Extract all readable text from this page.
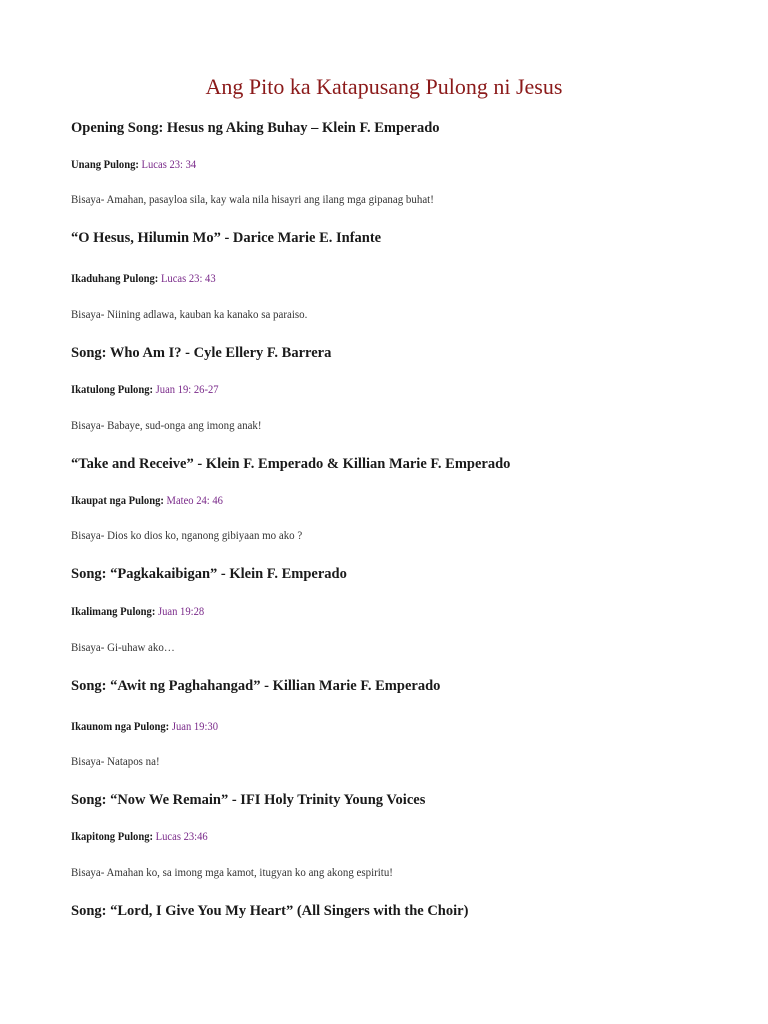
Ang Pito ka Katapusang Pulong ni Jesus

Opening Song: Hesus ng Aking Buhay – Klein F. Emperado

Unang Pulong: Lucas 23: 34

Bisaya- Amahan, pasayloa sila, kay wala nila hisayri ang ilang mga gipanag buhat!

“O Hesus, Hilumin Mo” - Darice Marie E. Infante

Ikaduhang Pulong: Lucas 23: 43

Bisaya- Niining adlawa, kauban ka kanako sa paraiso.

Song: Who Am I? - Cyle Ellery F. Barrera

Ikatulong Pulong: Juan 19: 26-27

Bisaya- Babaye, sud-onga ang imong anak!

“Take and Receive” - Klein F. Emperado & Killian Marie F. Emperado

Ikaupat nga Pulong: Mateo 24: 46

Bisaya- Dios ko dios ko, nganong gibiyaan mo ako ?

Song: “Pagkakaibigan” - Klein F. Emperado

Ikalimang Pulong: Juan 19:28

Bisaya- Gi-uhaw ako…

Song: “Awit ng Paghahangad” - Killian Marie F. Emperado

Ikaunom nga Pulong: Juan 19:30

Bisaya- Natapos na!

Song: “Now We Remain” - IFI Holy Trinity Young Voices

Ikapitong Pulong: Lucas 23:46

Bisaya- Amahan ko, sa imong mga kamot, itugyan ko ang akong espiritu!

Song: “Lord, I Give You My Heart” (All Singers with the Choir)
